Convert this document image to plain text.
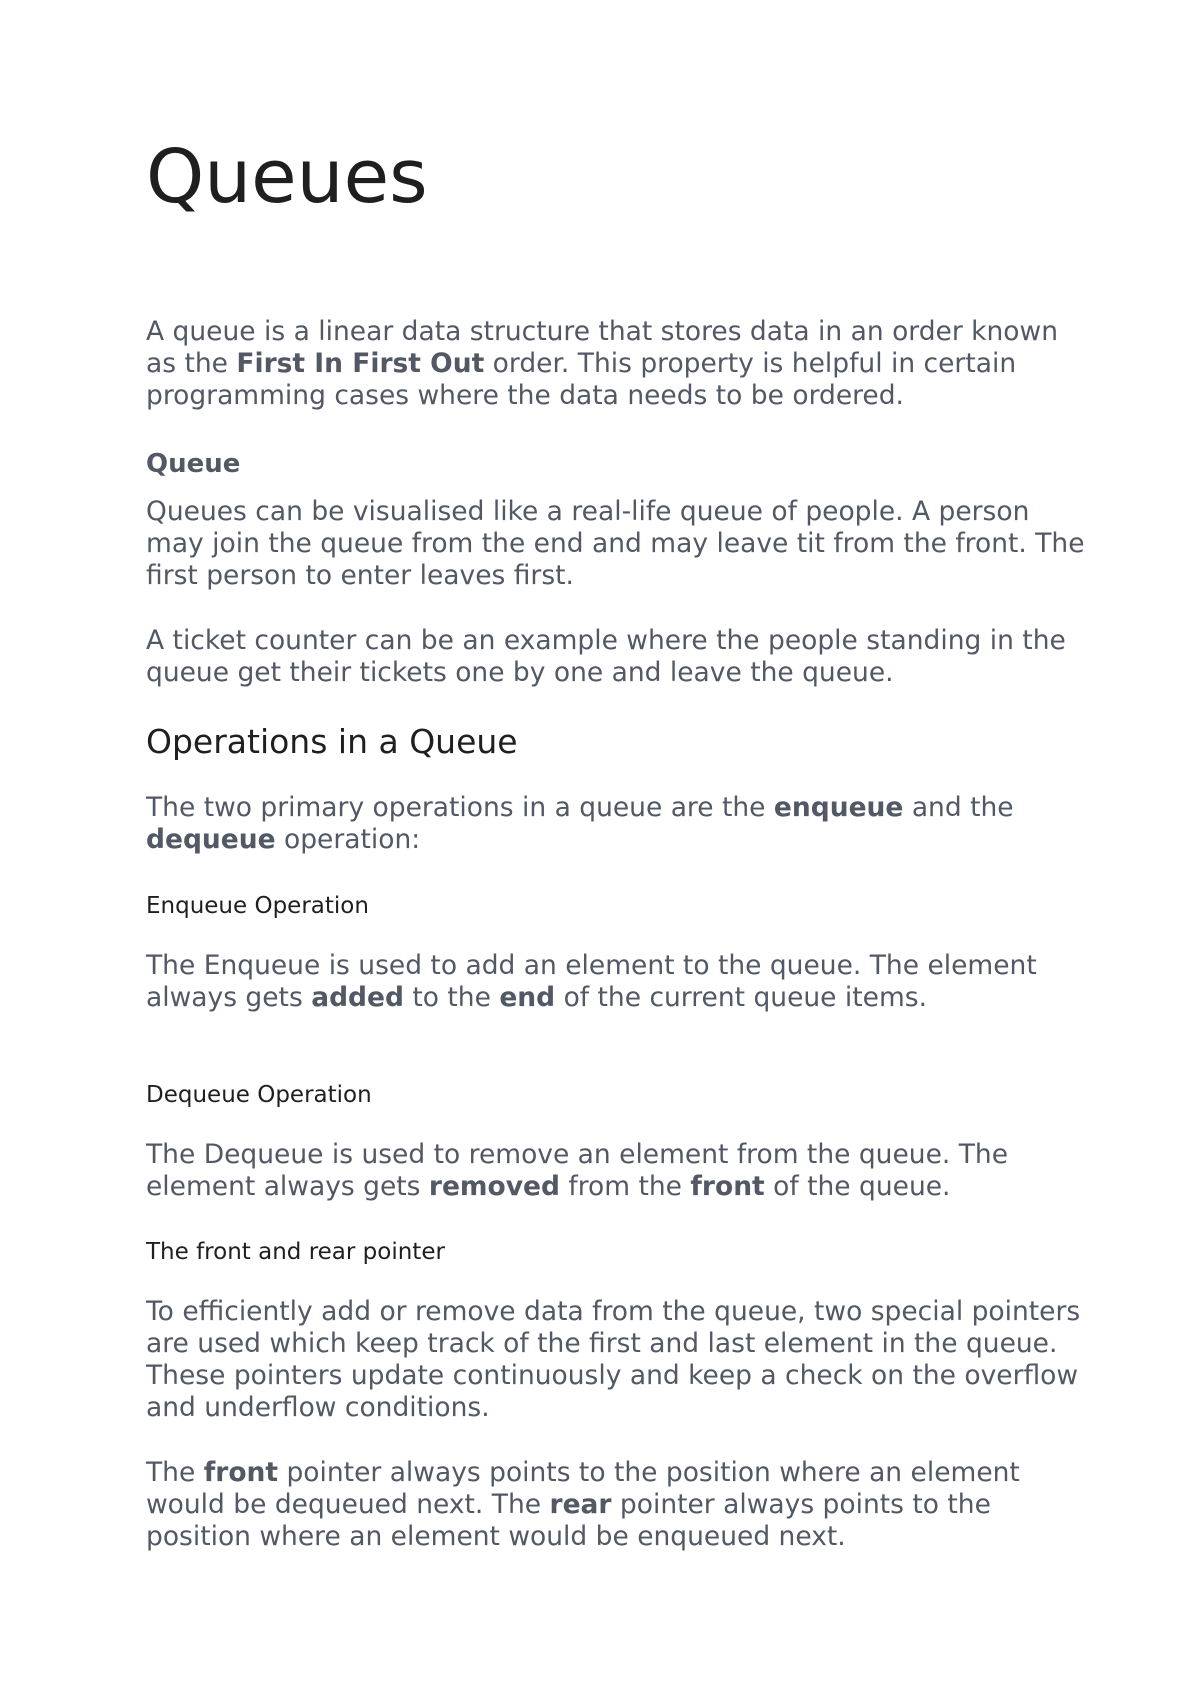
Queues

A queue is a linear data structure that stores data in an order known as the First In First Out order. This property is helpful in certain programming cases where the data needs to be ordered.

Queue

Queues can be visualised like a real-life queue of people. A person may join the queue from the end and may leave tit from the front. The first person to enter leaves first.

A ticket counter can be an example where the people standing in the queue get their tickets one by one and leave the queue.

Operations in a Queue

The two primary operations in a queue are the enqueue and the dequeue operation:

Enqueue Operation

The Enqueue is used to add an element to the queue. The element always gets added to the end of the current queue items.

Dequeue Operation

The Dequeue is used to remove an element from the queue. The element always gets removed from the front of the queue.

The front and rear pointer

To efficiently add or remove data from the queue, two special pointers are used which keep track of the first and last element in the queue. These pointers update continuously and keep a check on the overflow and underflow conditions.

The front pointer always points to the position where an element would be dequeued next. The rear pointer always points to the position where an element would be enqueued next.
